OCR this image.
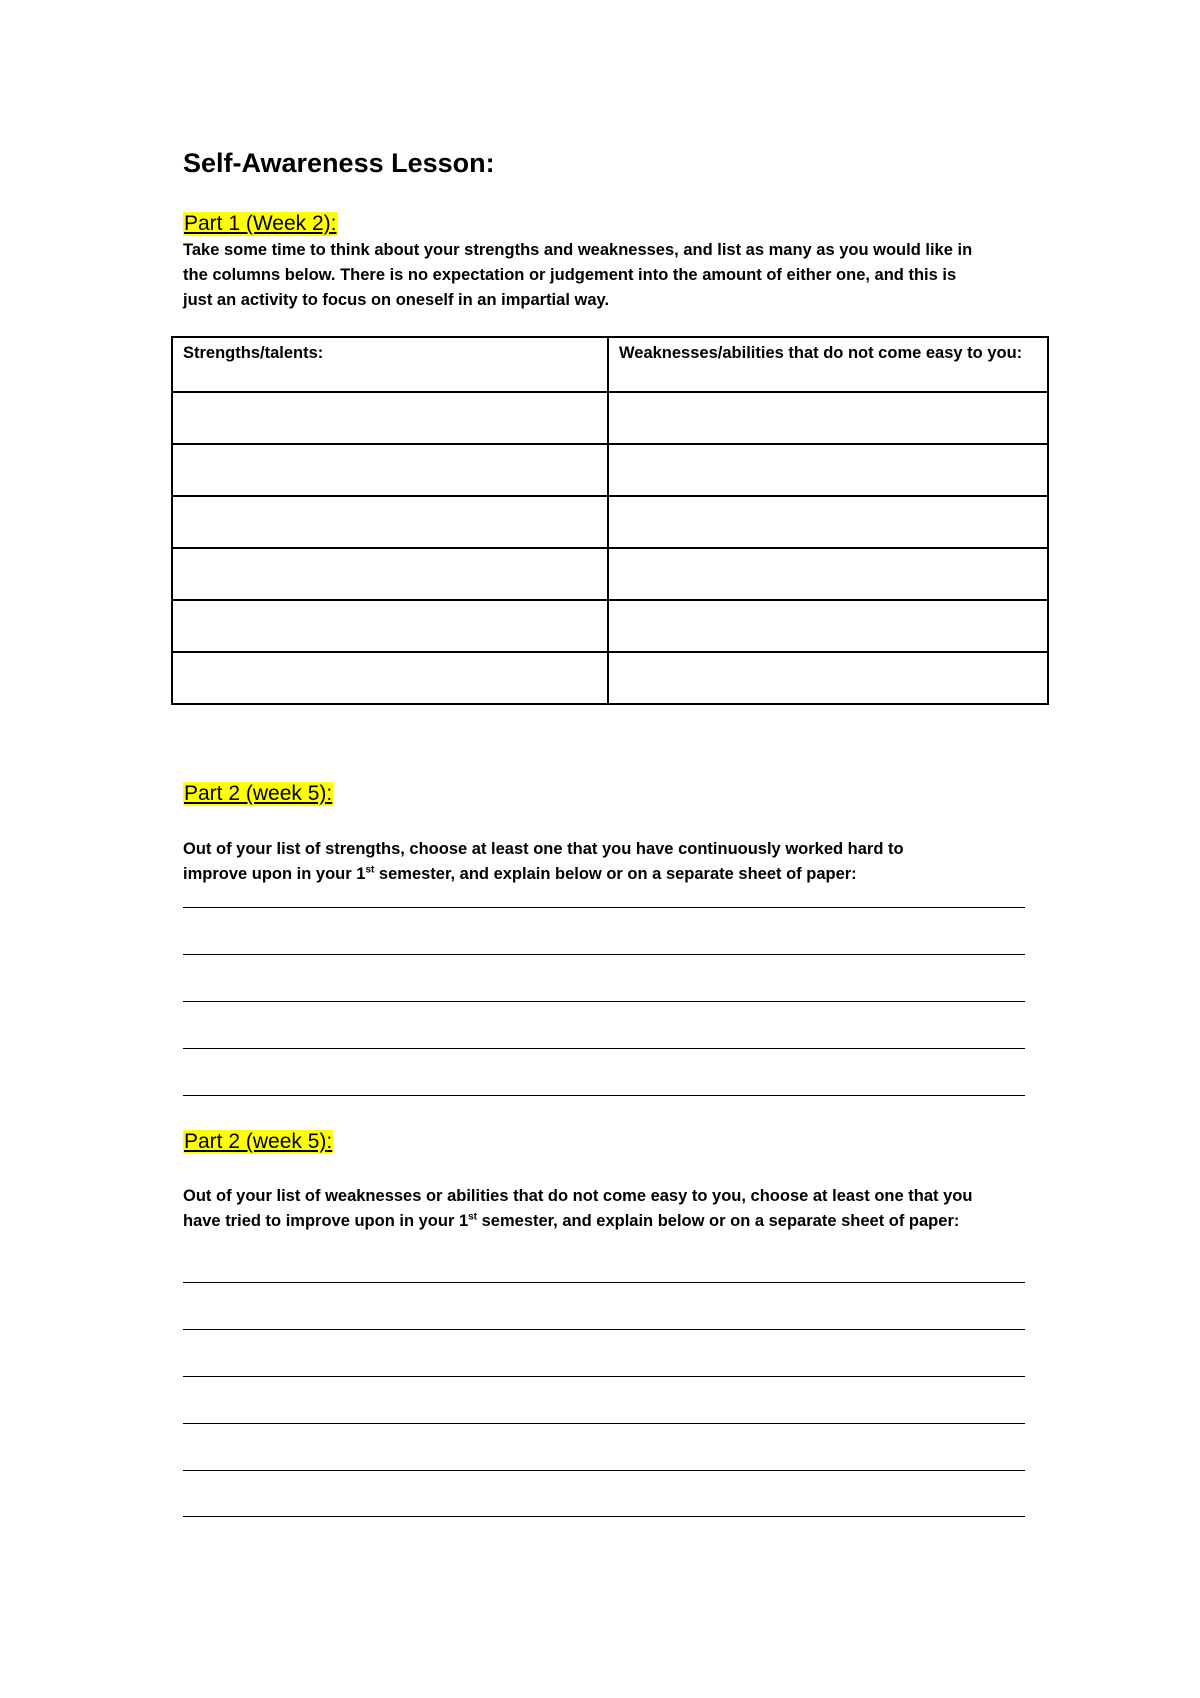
Self-Awareness Lesson:
Part 1 (Week 2):

Take some time to think about your strengths and weaknesses, and list as many as you would like in

the columns below. There is no expectation or judgement into the amount of either one, and this is

just an activity to focus on oneself in an impartial way.

Strengths/talents:	Weaknesses/abilities that do not come easy to you:

Part 2 (week 5):

Out of your list of strengths, choose at least one that you have continuously worked hard to

improve upon in your 1st semester, and explain below or on a separate sheet of paper:

Part 2 (week 5):

Out of your list of weaknesses or abilities that do not come easy to you, choose at least one that you

have tried to improve upon in your 1st semester, and explain below or on a separate sheet of paper:
